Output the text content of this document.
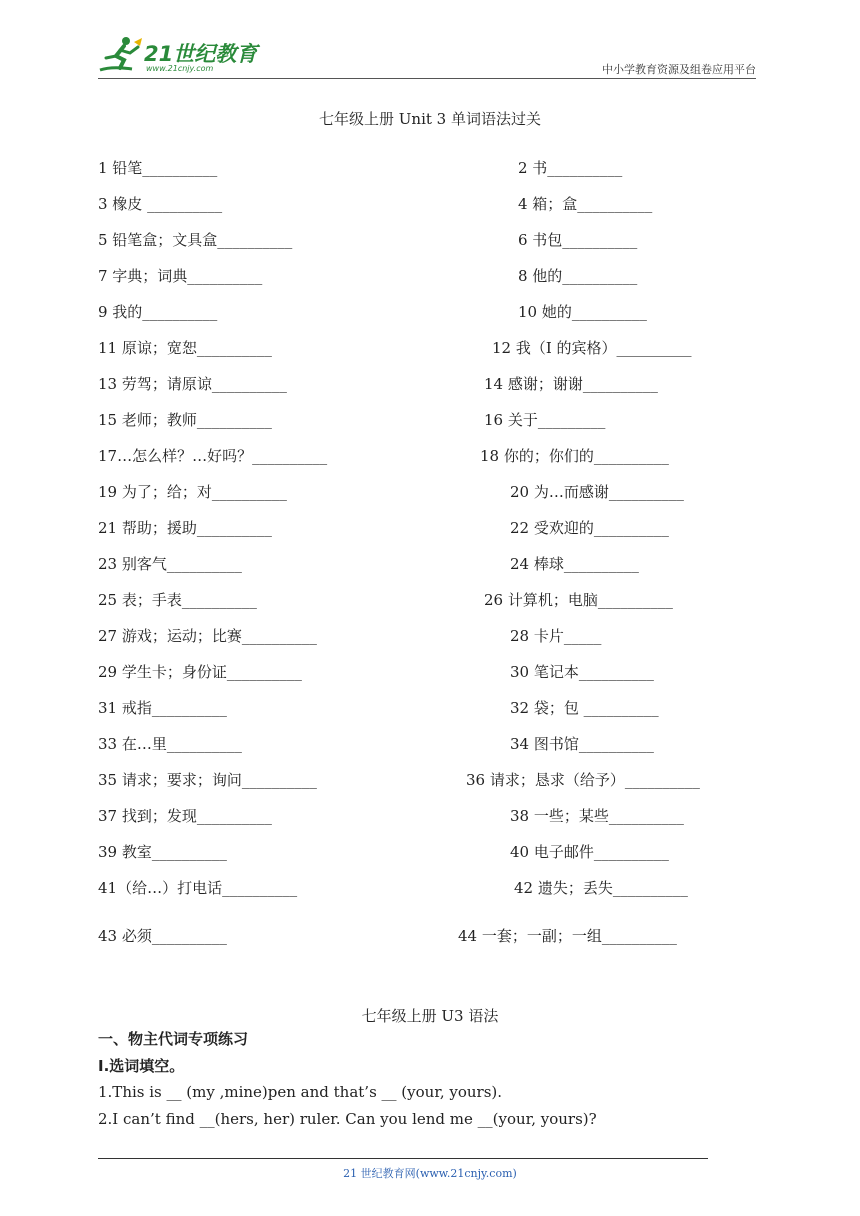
21世纪教育
www.21cnjy.com	中小学教育资源及组卷应用平台
七年级上册 Unit 3 单词语法过关
1 铅笔__________	2 书__________
3 橡皮 __________	4 箱；盒__________
5 铅笔盒；文具盒__________	6 书包__________
7 字典；词典__________	8 他的__________
9 我的__________	10 她的__________
11 原谅；宽恕__________	12 我（I 的宾格）__________
13 劳驾；请原谅__________	14 感谢；谢谢__________
15 老师；教师__________	16 关于_________
17…怎么样？…好吗？__________	18 你的；你们的__________
19 为了；给；对__________	20 为…而感谢__________
21 帮助；援助__________	22 受欢迎的__________
23 别客气__________	24 棒球__________
25 表；手表__________	26 计算机；电脑__________
27 游戏；运动；比赛__________	28 卡片_____
29 学生卡；身份证__________	30 笔记本__________
31 戒指__________	32 袋；包 __________
33 在…里__________	34 图书馆__________
35 请求；要求；询问__________	36 请求；恳求（给予）__________
37 找到；发现__________	38 一些；某些__________
39 教室__________	40 电子邮件__________
41（给…）打电话__________	42 遗失；丢失__________
43 必须__________	44 一套；一副；一组__________
七年级上册 U3 语法
一、物主代词专项练习
I.选词填空。
1.This is __ (my ,mine)pen and that’s __ (your, yours).
2.I can’t find __(hers, her) ruler. Can you lend me __(your, yours)?
21 世纪教育网(www.21cnjy.com)
